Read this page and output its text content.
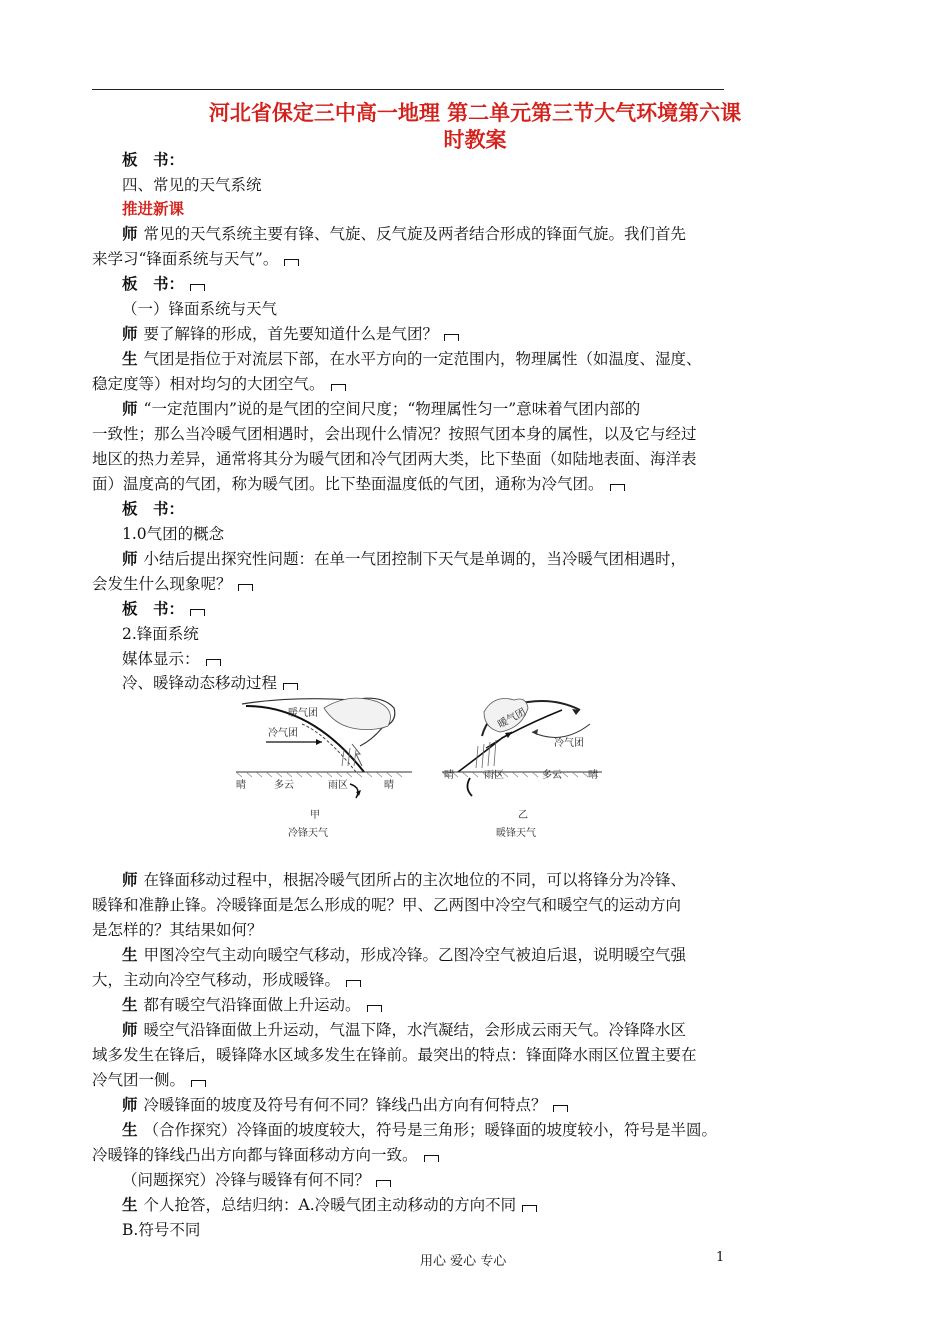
河北省保定三中高一地理 第二单元第三节大气环境第六课
时教案
板　书：
四、常见的天气系统
推进新课
师 常见的天气系统主要有锋、气旋、反气旋及两者结合形成的锋面气旋。我们首先
来学习“锋面系统与天气”。
板　书：
（一）锋面系统与天气
师 要了解锋的形成，首先要知道什么是气团？
生 气团是指位于对流层下部，在水平方向的一定范围内，物理属性（如温度、湿度、
稳定度等）相对均匀的大团空气。
师 “一定范围内”说的是气团的空间尺度；“物理属性匀一”意味着气团内部的
一致性；那么当冷暖气团相遇时，会出现什么情况？按照气团本身的属性，以及它与经过
地区的热力差异，通常将其分为暖气团和冷气团两大类，比下垫面（如陆地表面、海洋表
面）温度高的气团，称为暖气团。比下垫面温度低的气团，通称为冷气团。
板　书：
1.0气团的概念
师 小结后提出探究性问题：在单一气团控制下天气是单调的，当冷暖气团相遇时，
会发生什么现象呢？
板　书：
2.锋面系统
媒体显示：
冷、暖锋动态移动过程
暖气团
冷气团
晴	多云	雨区	晴
甲
冷锋天气
暖气团
冷气团
晴	雨区	多云	晴
乙
暖锋天气
师 在锋面移动过程中，根据冷暖气团所占的主次地位的不同，可以将锋分为冷锋、
暖锋和准静止锋。冷暖锋面是怎么形成的呢？甲、乙两图中冷空气和暖空气的运动方向
是怎样的？其结果如何？
生 甲图冷空气主动向暖空气移动，形成冷锋。乙图冷空气被迫后退，说明暖空气强
大，主动向冷空气移动，形成暖锋。
生 都有暖空气沿锋面做上升运动。
师 暖空气沿锋面做上升运动，气温下降，水汽凝结，会形成云雨天气。冷锋降水区
域多发生在锋后，暖锋降水区域多发生在锋前。最突出的特点：锋面降水雨区位置主要在
冷气团一侧。
师 冷暖锋面的坡度及符号有何不同？锋线凸出方向有何特点？
生 （合作探究）冷锋面的坡度较大，符号是三角形；暖锋面的坡度较小，符号是半圆。
冷暖锋的锋线凸出方向都与锋面移动方向一致。
（问题探究）冷锋与暖锋有何不同？
生 个人抢答，总结归纳：A.冷暖气团主动移动的方向不同
B.符号不同
用心 爱心 专心	1
